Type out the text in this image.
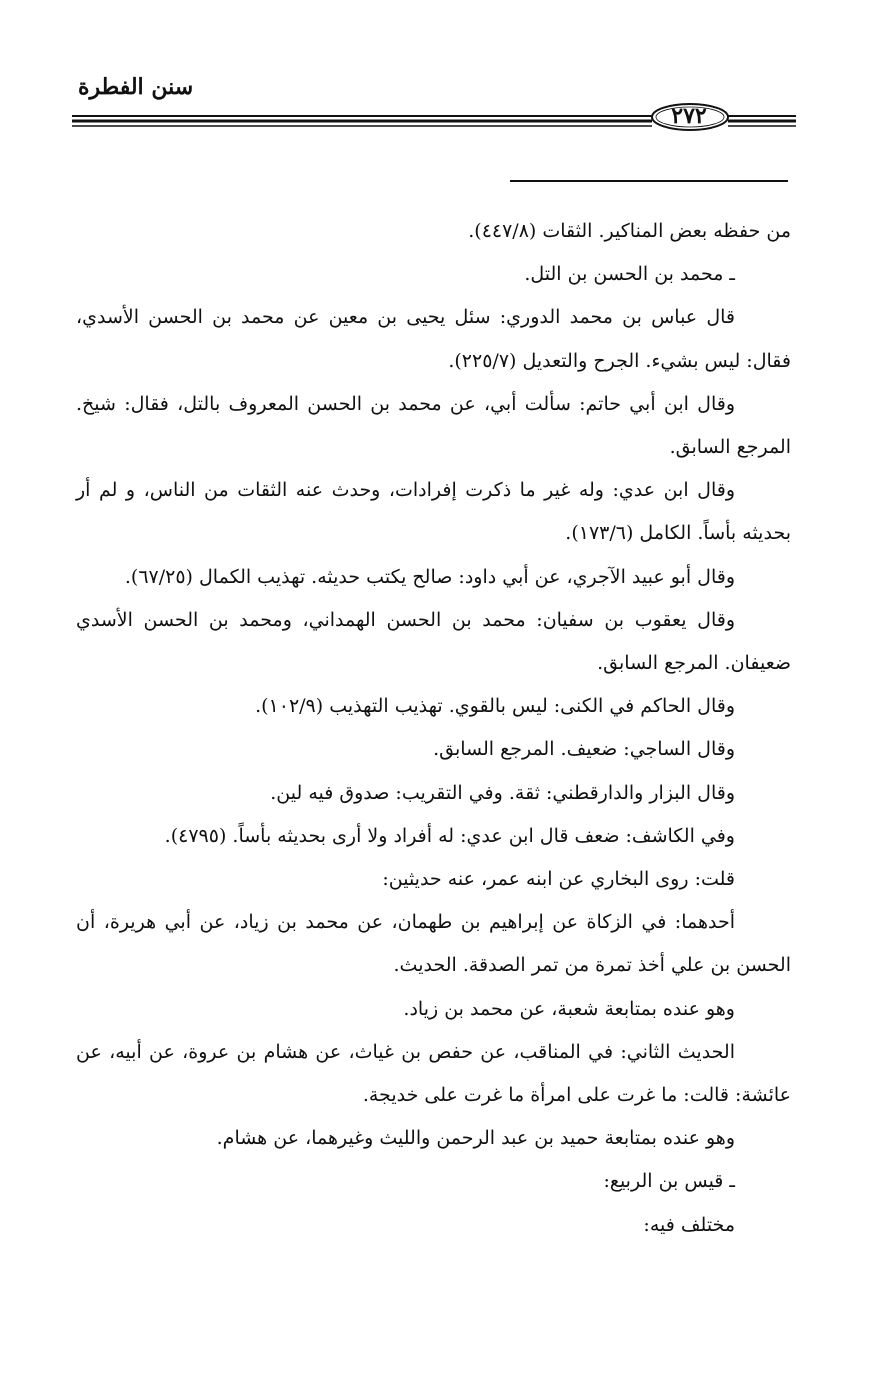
سنن الفطرة
٢٧٢

من حفظه بعض المناكير. الثقات (٤٤٧/٨).

ـ محمد بن الحسن بن التل.

قال عباس بن محمد الدوري: سئل يحيى بن معين عن محمد بن الحسن الأسدي، فقال: ليس بشيء. الجرح والتعديل (٢٢٥/٧).

وقال ابن أبي حاتم: سألت أبي، عن محمد بن الحسن المعروف بالتل، فقال: شيخ. المرجع السابق.

وقال ابن عدي: وله غير ما ذكرت إفرادات، وحدث عنه الثقات من الناس، و لم أر بحديثه بأساً. الكامل (١٧٣/٦).

وقال أبو عبيد الآجري، عن أبي داود: صالح يكتب حديثه. تهذيب الكمال (٦٧/٢٥).

وقال يعقوب بن سفيان: محمد بن الحسن الهمداني، ومحمد بن الحسن الأسدي ضعيفان. المرجع السابق.

وقال الحاكم في الكنى: ليس بالقوي. تهذيب التهذيب (١٠٢/٩).

وقال الساجي: ضعيف. المرجع السابق.

وقال البزار والدارقطني: ثقة. وفي التقريب: صدوق فيه لين.

وفي الكاشف: ضعف قال ابن عدي: له أفراد ولا أرى بحديثه بأساً. (٤٧٩٥).

قلت: روى البخاري عن ابنه عمر، عنه حديثين:

أحدهما: في الزكاة عن إبراهيم بن طهمان، عن محمد بن زياد، عن أبي هريرة، أن الحسن بن علي أخذ تمرة من تمر الصدقة. الحديث.

وهو عنده بمتابعة شعبة، عن محمد بن زياد.

الحديث الثاني: في المناقب، عن حفص بن غياث، عن هشام بن عروة، عن أبيه، عن عائشة: قالت: ما غرت على امرأة ما غرت على خديجة.

وهو عنده بمتابعة حميد بن عبد الرحمن والليث وغيرهما، عن هشام.

ـ قيس بن الربيع:

مختلف فيه:
